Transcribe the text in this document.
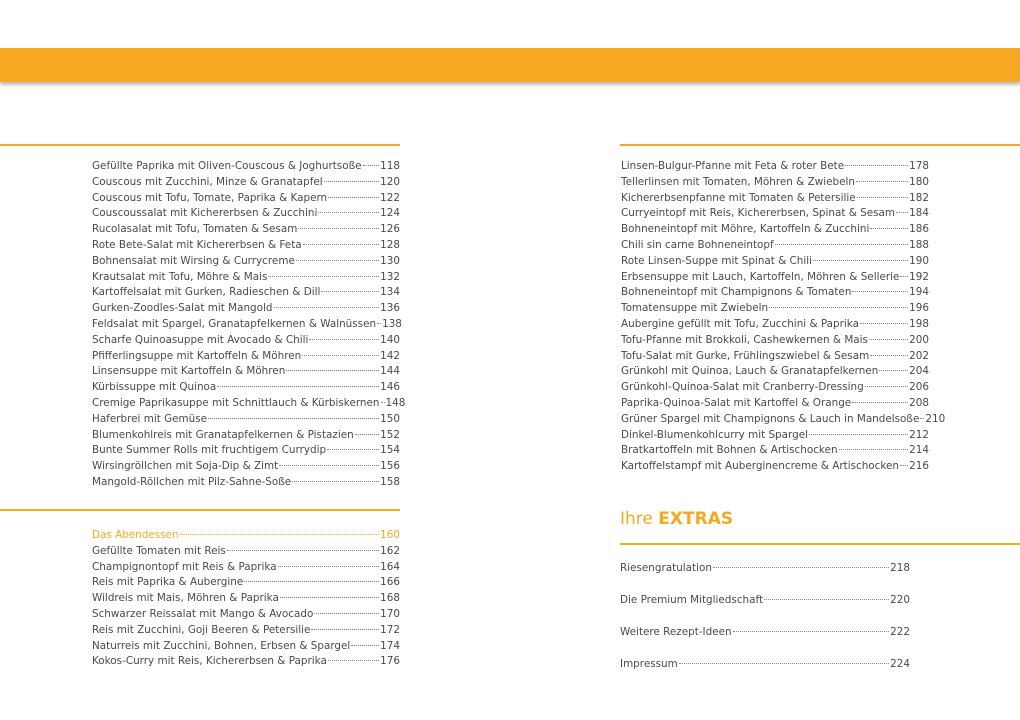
Gefüllte Paprika mit Oliven-Couscous & Joghurtsoße 118
Couscous mit Zucchini, Minze & Granatapfel	120
Couscous mit Tofu, Tomate, Paprika & Kapern	122
Couscoussalat mit Kichererbsen & Zucchini	124
Rucolasalat mit Tofu, Tomaten & Sesam	126
Rote Bete-Salat mit Kichererbsen & Feta	128
Bohnensalat mit Wirsing & Currycreme	130
Krautsalat mit Tofu, Möhre & Mais	132
Kartoffelsalat mit Gurken, Radieschen & Dill	134
Gurken-Zoodles-Salat mit Mangold	136
Feldsalat mit Spargel, Granatapfelkernen & Walnüssen 138
Scharfe Quinoasuppe mit Avocado & Chili	140
Pfifferlingsuppe mit Kartoffeln & Möhren	142
Linsensuppe mit Kartoffeln & Möhren	144
Kürbissuppe mit Quinoa	146
Cremige Paprikasuppe mit Schnittlauch & Kürbiskernen 148
Haferbrei mit Gemüse	150
Blumenkohlreis mit Granatapfelkernen & Pistazien	152
Bunte Summer Rolls mit fruchtigem Currydip	154
Wirsingröllchen mit Soja-Dip & Zimt	156
Mangold-Röllchen mit Pilz-Sahne-Soße	158
Das Abendessen	160
Gefüllte Tomaten mit Reis	162
Champignontopf mit Reis & Paprika	164
Reis mit Paprika & Aubergine	166
Wildreis mit Mais, Möhren & Paprika	168
Schwarzer Reissalat mit Mango & Avocado	170
Reis mit Zucchini, Goji Beeren & Petersilie	172
Naturreis mit Zucchini, Bohnen, Erbsen & Spargel	174
Kokos-Curry mit Reis, Kichererbsen & Paprika	176
Linsen-Bulgur-Pfanne mit Feta & roter Bete	178
Tellerlinsen mit Tomaten, Möhren & Zwiebeln	180
Kichererbsenpfanne mit Tomaten & Petersilie	182
Curryeintopf mit Reis, Kichererbsen, Spinat & Sesam 184
Bohneneintopf mit Möhre, Kartoffeln & Zucchini	186
Chili sin carne Bohneneintopf	188
Rote Linsen-Suppe mit Spinat & Chili	190
Erbsensuppe mit Lauch, Kartoffeln, Möhren & Sellerie 192
Bohneneintopf mit Champignons & Tomaten	194
Tomatensuppe mit Zwiebeln	196
Aubergine gefüllt mit Tofu, Zucchini & Paprika	198
Tofu-Pfanne mit Brokkoli, Cashewkernen & Mais	200
Tofu-Salat mit Gurke, Frühlingszwiebel & Sesam	202
Grünkohl mit Quinoa, Lauch & Granatapfelkernen	204
Grünkohl-Quinoa-Salat mit Cranberry-Dressing	206
Paprika-Quinoa-Salat mit Kartoffel & Orange	208
Grüner Spargel mit Champignons & Lauch in Mandelsoße 210
Dinkel-Blumenkohlcurry mit Spargel	212
Bratkartoffeln mit Bohnen & Artischocken	214
Kartoffelstampf mit Auberginencreme & Artischocken 216
Ihre EXTRAS
Riesengratulation	218
Die Premium Mitgliedschaft	220
Weitere Rezept-Ideen	222
Impressum	224
